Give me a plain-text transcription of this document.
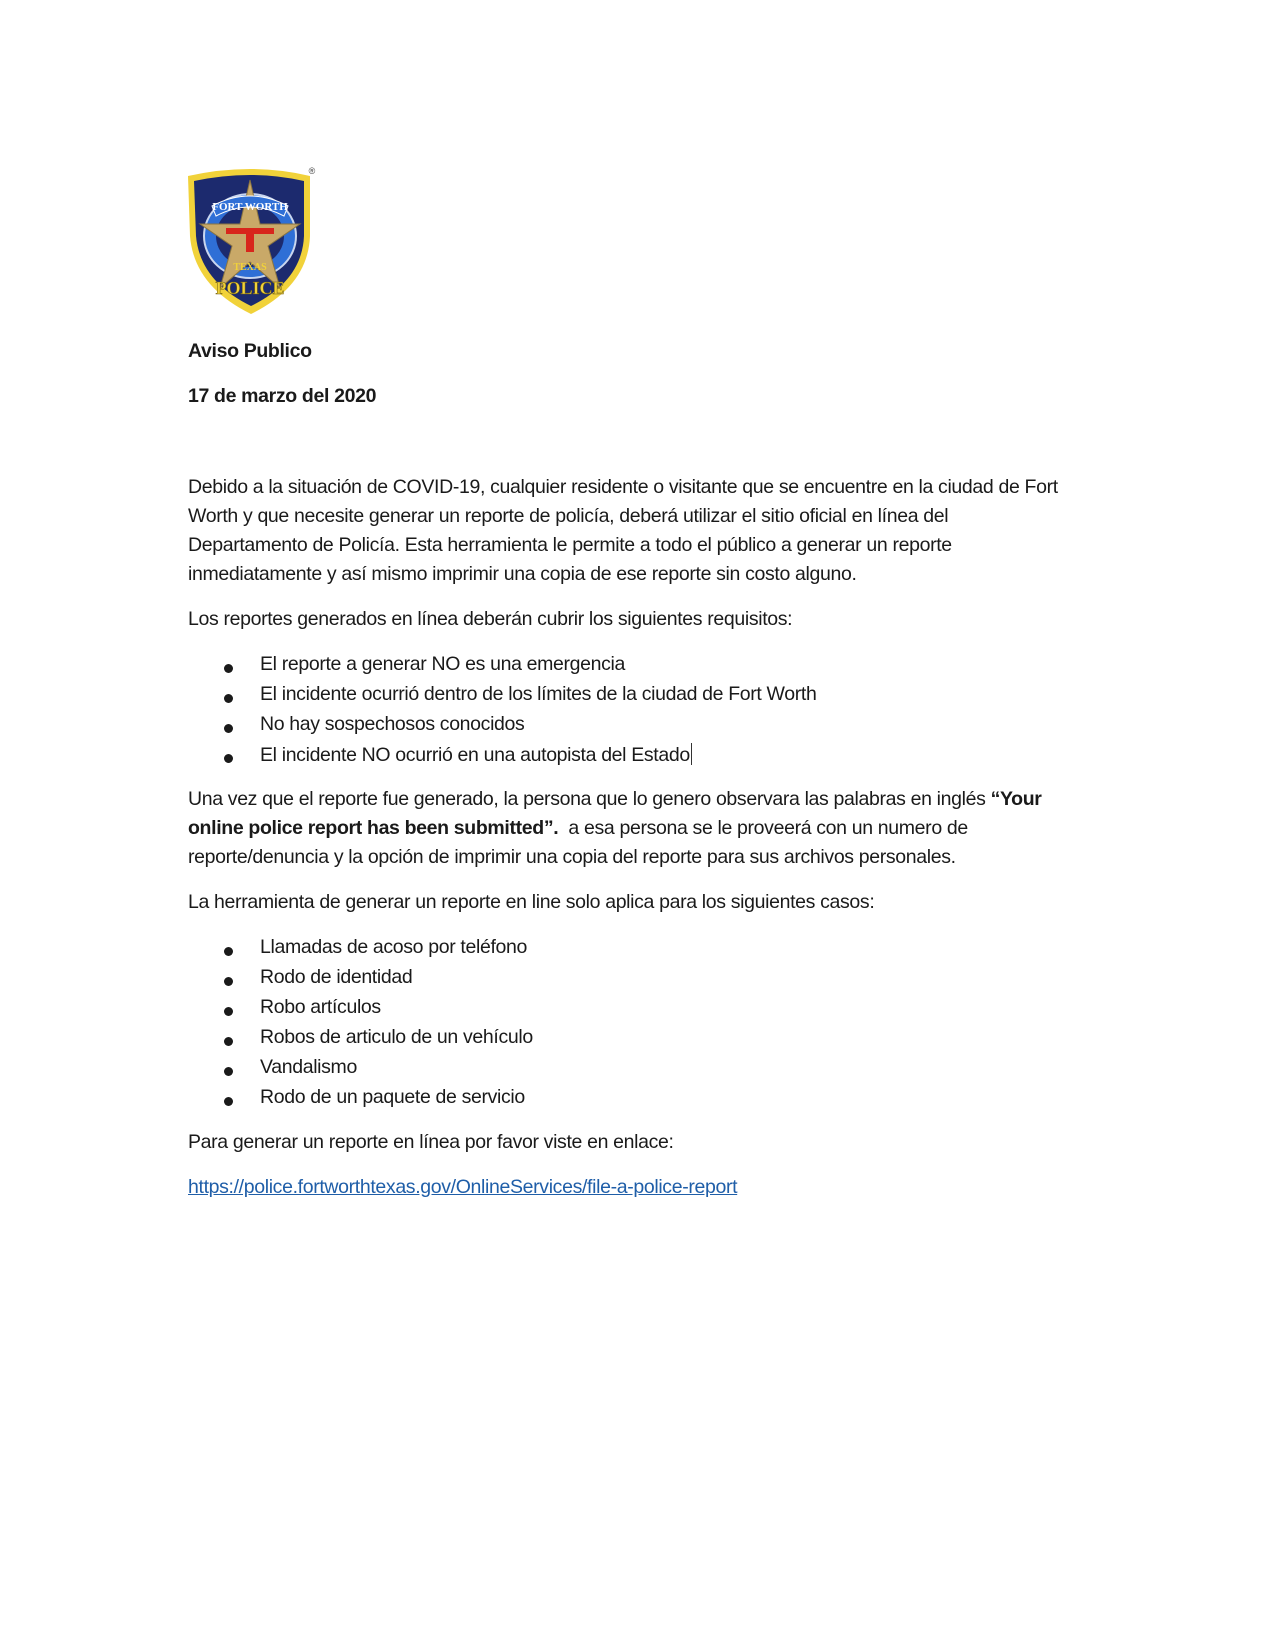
FORT WORTH
TEXAS
POLICE
®
Aviso Publico
17 de marzo del 2020
Debido a la situación de COVID-19, cualquier residente o visitante que se encuentre en la ciudad de Fort
Worth y que necesite generar un reporte de policía, deberá utilizar el sitio oficial en línea del
Departamento de Policía. Esta herramienta le permite a todo el público a generar un reporte
inmediatamente y así mismo imprimir una copia de ese reporte sin costo alguno.
Los reportes generados en línea deberán cubrir los siguientes requisitos:
El reporte a generar NO es una emergencia
El incidente ocurrió dentro de los límites de la ciudad de Fort Worth
No hay sospechosos conocidos
El incidente NO ocurrió en una autopista del Estado
Una vez que el reporte fue generado, la persona que lo genero observara las palabras en inglés “Your
online police report has been submitted”.  a esa persona se le proveerá con un numero de
reporte/denuncia y la opción de imprimir una copia del reporte para sus archivos personales.
La herramienta de generar un reporte en line solo aplica para los siguientes casos:
Llamadas de acoso por teléfono
Rodo de identidad
Robo artículos
Robos de articulo de un vehículo
Vandalismo
Rodo de un paquete de servicio
Para generar un reporte en línea por favor viste en enlace:
https://police.fortworthtexas.gov/OnlineServices/file-a-police-report
